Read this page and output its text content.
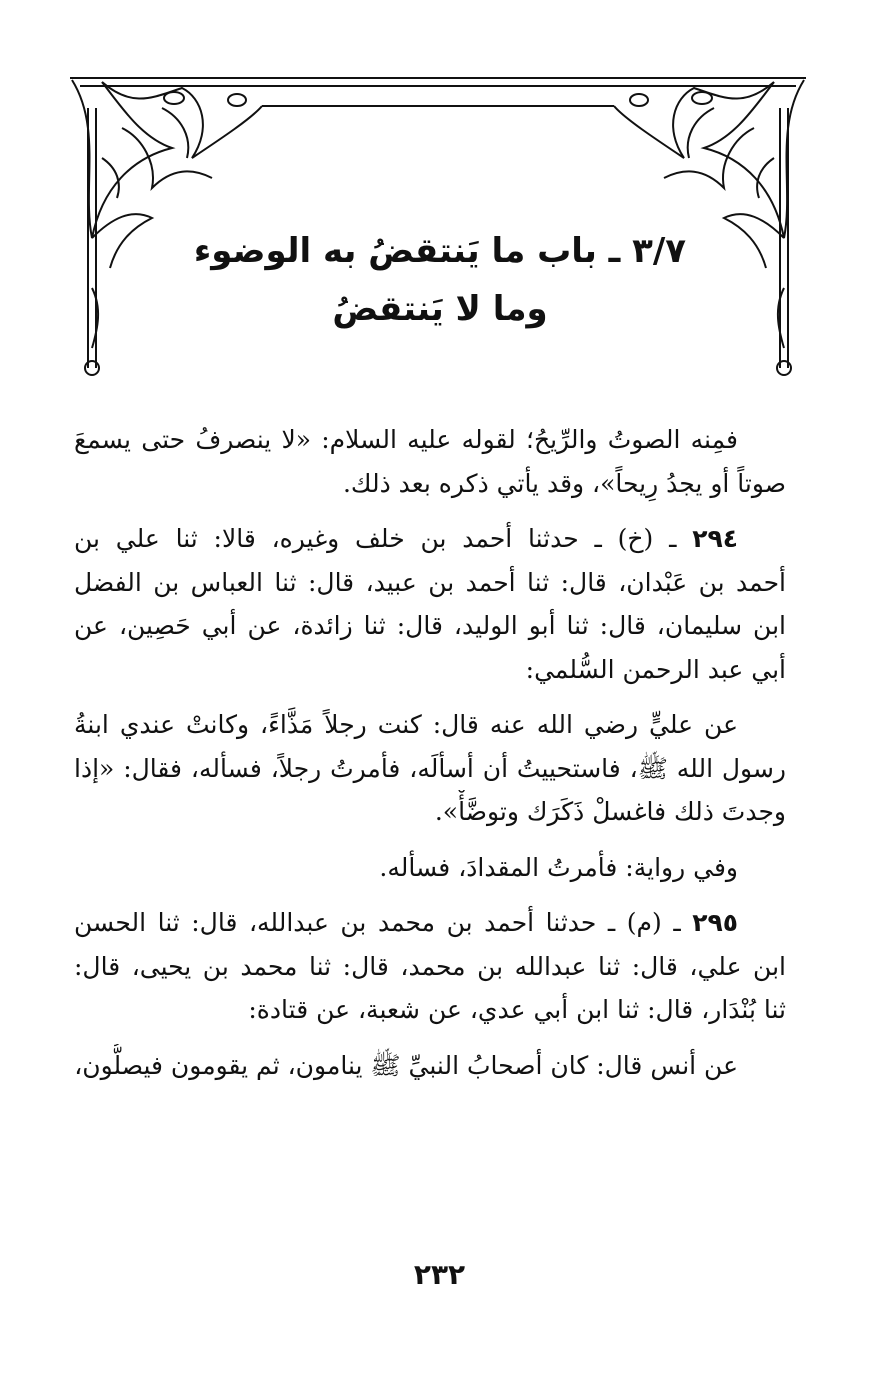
٣/٧ ـ باب ما يَنتقضُ به الوضوء
وما لا يَنتقضُ
فمِنه الصوتُ والرِّيحُ؛ لقوله عليه السلام: «لا ينصرفُ حتى يسمعَ
صوتاً أو يجدُ رِيحاً»، وقد يأتي ذكره بعد ذلك.
٢٩٤ ـ (خ) ـ حدثنا أحمد بن خلف وغيره، قالا: ثنا علي بن
أحمد بن عَبْدان، قال: ثنا أحمد بن عبيد، قال: ثنا العباس بن الفضل
ابن سليمان، قال: ثنا أبو الوليد، قال: ثنا زائدة، عن أبي حَصِين، عن
أبي عبد الرحمن السُّلمي:
عن عليٍّ رضي الله عنه قال: كنت رجلاً مَذَّاءً، وكانتْ عندي ابنةُ
رسول الله ﷺ، فاستحييتُ أن أسألَه، فأمرتُ رجلاً، فسأله، فقال: «إذا
وجدتَ ذلك فاغسلْ ذَكَرَك وتوضَّأْ».
وفي رواية: فأمرتُ المقدادَ، فسأله.
٢٩٥ ـ (م) ـ حدثنا أحمد بن محمد بن عبدالله، قال: ثنا الحسن
ابن علي، قال: ثنا عبدالله بن محمد، قال: ثنا محمد بن يحيى، قال:
ثنا بُنْدَار، قال: ثنا ابن أبي عدي، عن شعبة، عن قتادة:
عن أنس قال: كان أصحابُ النبيِّ ﷺ ينامون، ثم يقومون فيصلُّون،
٢٣٢
